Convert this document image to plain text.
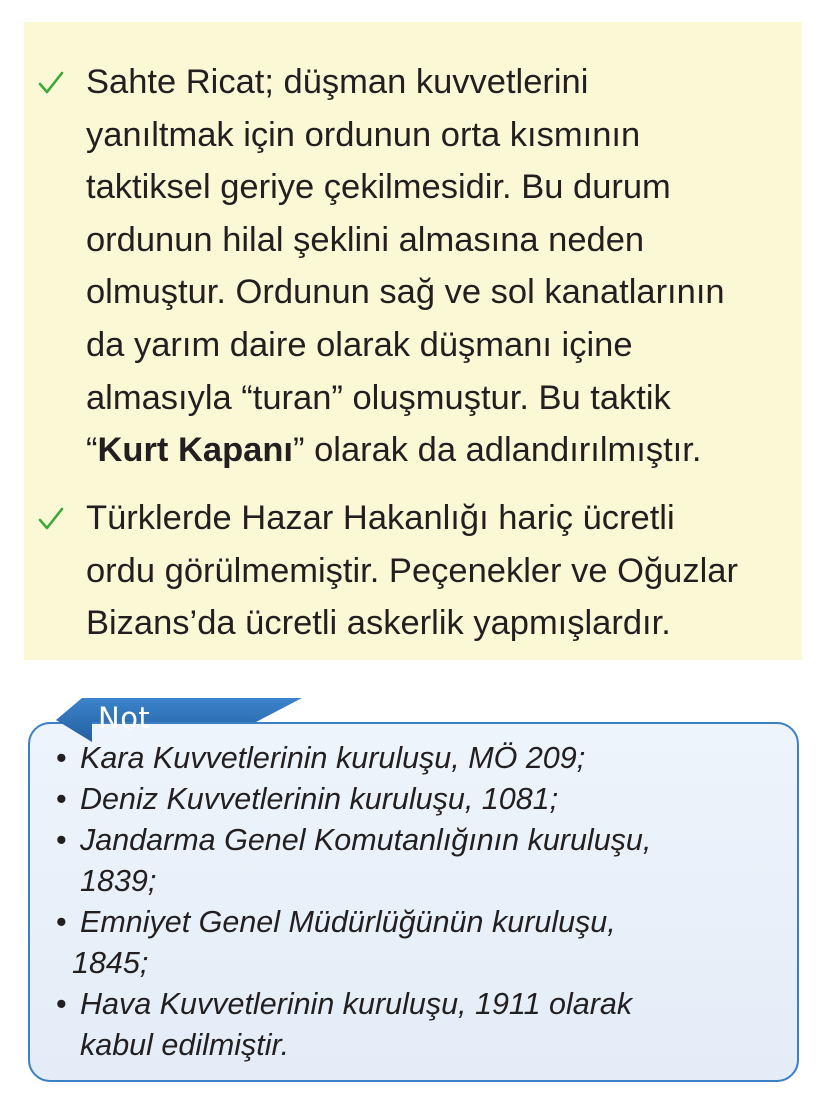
Sahte Ricat; düşman kuvvetlerini
yanıltmak için ordunun orta kısmının
taktiksel geriye çekilmesidir. Bu durum
ordunun hilal şeklini almasına neden
olmuştur. Ordunun sağ ve sol kanatlarının
da yarım daire olarak düşmanı içine
almasıyla “turan” oluşmuştur. Bu taktik
“Kurt Kapanı” olarak da adlandırılmıştır.

Türklerde Hazar Hakanlığı hariç ücretli
ordu görülmemiştir. Peçenekler ve Oğuzlar
Bizans’da ücretli askerlik yapmışlardır.

Not
• Kara Kuvvetlerinin kuruluşu, MÖ 209;
• Deniz Kuvvetlerinin kuruluşu, 1081;
• Jandarma Genel Komutanlığının kuruluşu,
1839;
• Emniyet Genel Müdürlüğünün kuruluşu,
1845;
• Hava Kuvvetlerinin kuruluşu, 1911 olarak
kabul edilmiştir.
